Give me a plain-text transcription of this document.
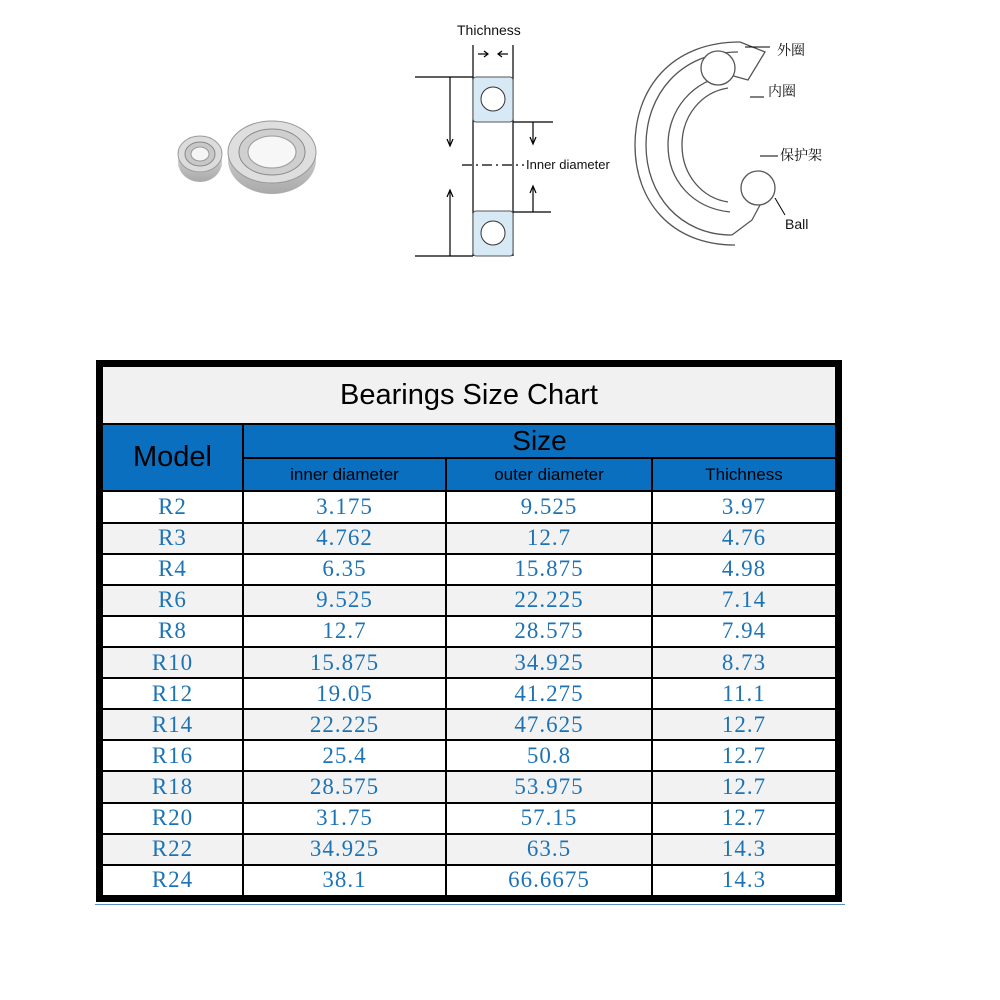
Thichness
Inner diameter
外圈
内圈
保护架
Ball
Bearings Size Chart			
Model	Size		
	inner diameter	outer diameter	Thichness
R2	3.175	9.525	3.97
R3	4.762	12.7	4.76
R4	6.35	15.875	4.98
R6	9.525	22.225	7.14
R8	12.7	28.575	7.94
R10	15.875	34.925	8.73
R12	19.05	41.275	11.1
R14	22.225	47.625	12.7
R16	25.4	50.8	12.7
R18	28.575	53.975	12.7
R20	31.75	57.15	12.7
R22	34.925	63.5	14.3
R24	38.1	66.6675	14.3
